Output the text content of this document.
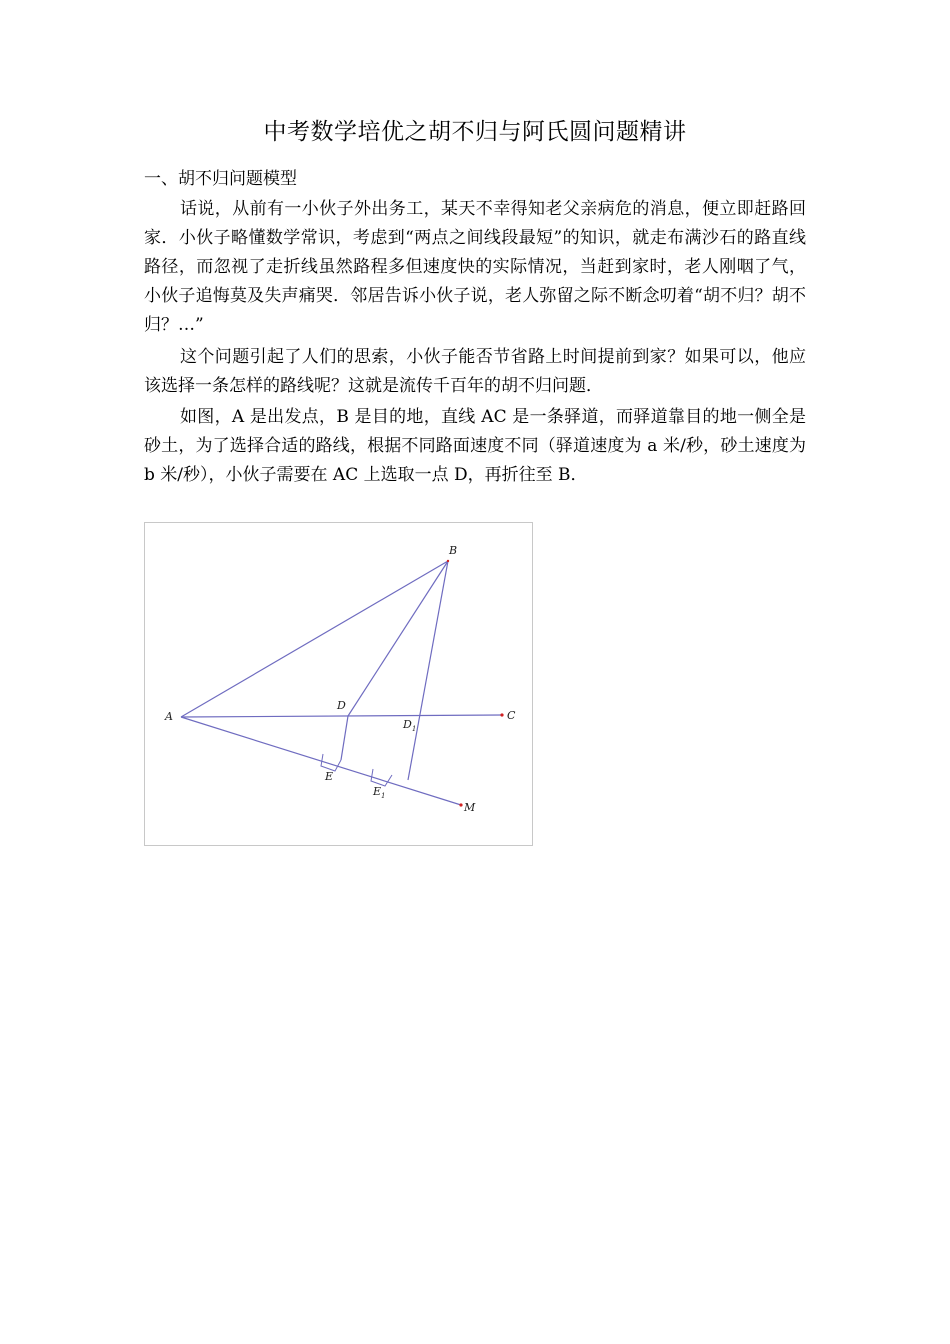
中考数学培优之胡不归与阿氏圆问题精讲
一、胡不归问题模型
话说，从前有一小伙子外出务工，某天不幸得知老父亲病危的消息，便立即赶路回家．小伙子略懂数学常识，考虑到“两点之间线段最短”的知识，就走布满沙石的路直线路径，而忽视了走折线虽然路程多但速度快的实际情况，当赶到家时，老人刚咽了气，小伙子追悔莫及失声痛哭．邻居告诉小伙子说，老人弥留之际不断念叨着“胡不归？胡不归？…”
这个问题引起了人们的思索，小伙子能否节省路上时间提前到家？如果可以，他应该选择一条怎样的路线呢？这就是流传千百年的胡不归问题．
如图，A 是出发点，B 是目的地，直线 AC 是一条驿道，而驿道靠目的地一侧全是砂土，为了选择合适的路线，根据不同路面速度不同（驿道速度为 a 米/秒，砂土速度为 b 米/秒），小伙子需要在 AC 上选取一点 D，再折往至 B．
B
A	C
D
$D_1$
E
$E_1$
M
